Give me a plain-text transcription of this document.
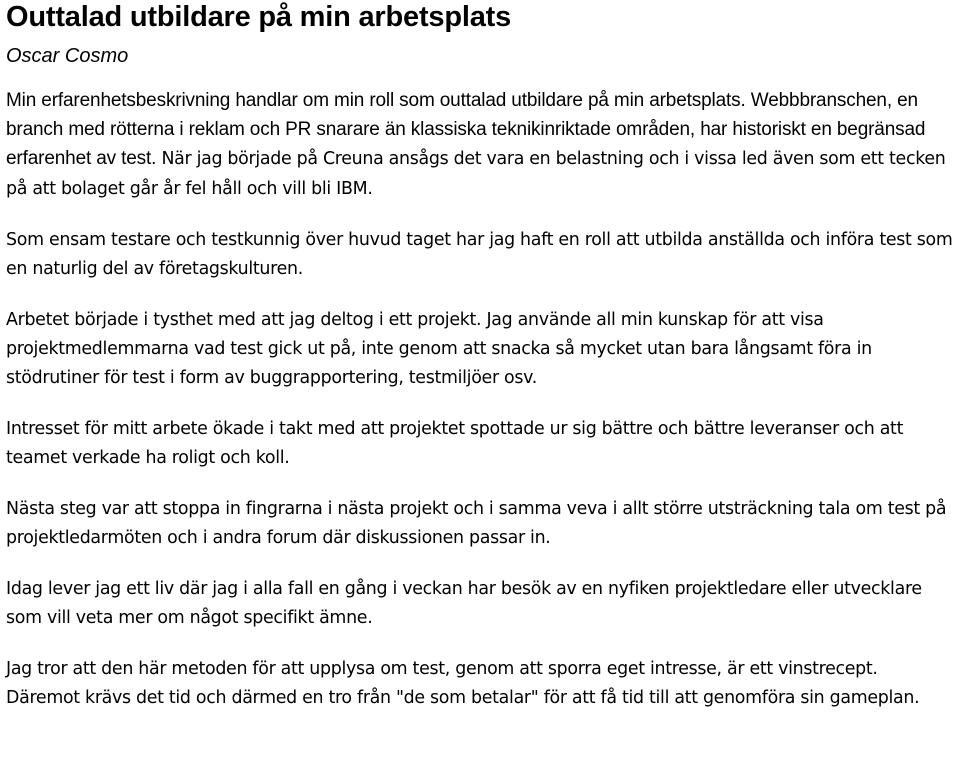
Outtalad utbildare på min arbetsplats

Oscar Cosmo

Min erfarenhetsbeskrivning handlar om min roll som outtalad utbildare på min arbetsplats. Webbbranschen, en branch med rötterna i reklam och PR snarare än klassiska teknikinriktade områden, har historiskt en begränsad erfarenhet av test. När jag började på Creuna ansågs det vara en belastning och i vissa led även som ett tecken på att bolaget går år fel håll och vill bli IBM.

Som ensam testare och testkunnig över huvud taget har jag haft en roll att utbilda anställda och införa test som en naturlig del av företagskulturen.

Arbetet började i tysthet med att jag deltog i ett projekt. Jag använde all min kunskap för att visa projektmedlemmarna vad test gick ut på, inte genom att snacka så mycket utan bara långsamt föra in stödrutiner för test i form av buggrapportering, testmiljöer osv.

Intresset för mitt arbete ökade i takt med att projektet spottade ur sig bättre och bättre leveranser och att teamet verkade ha roligt och koll.

Nästa steg var att stoppa in fingrarna i nästa projekt och i samma veva i allt större utsträckning tala om test på projektledarmöten och i andra forum där diskussionen passar in.

Idag lever jag ett liv där jag i alla fall en gång i veckan har besök av en nyfiken projektledare eller utvecklare som vill veta mer om något specifikt ämne.

Jag tror att den här metoden för att upplysa om test, genom att sporra eget intresse, är ett vinstrecept. Däremot krävs det tid och därmed en tro från "de som betalar" för att få tid till att genomföra sin gameplan.
